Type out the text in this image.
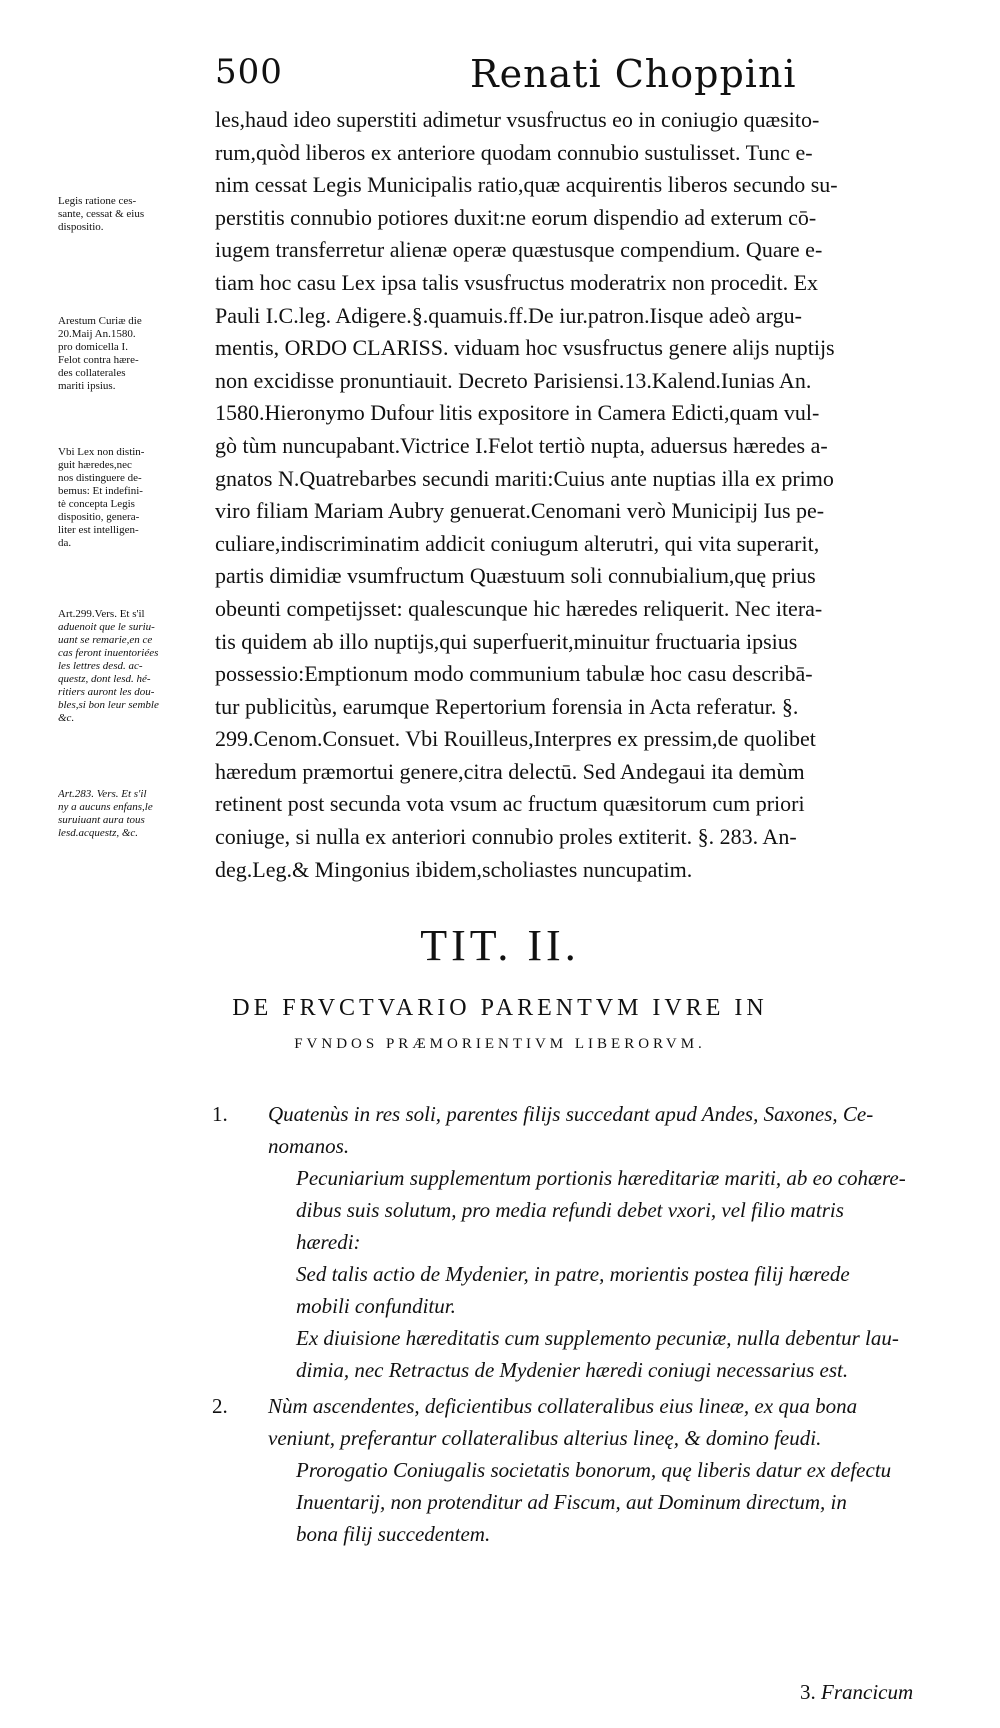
500	Renati Choppini
Legis ratione ces-
sante, cessat & eius
dispositio.
Arestum Curiæ die
20.Maij An.1580.
pro domicella I.
Felot contra hære-
des collaterales
mariti ipsius.
Vbi Lex non distin-
guit hæredes,nec
nos distinguere de-
bemus: Et indefini-
tè concepta Legis
dispositio, genera-
liter est intelligen-
da.
Art.299.Vers. Et s'il
aduenoit que le suriu-
uant se remarie,en ce
cas feront inuentoriées
les lettres desd. ac-
questz, dont lesd. hé-
ritiers auront les dou-
bles,si bon leur semble
&c.
Art.283. Vers. Et s'il
ny a aucuns enfans,le
suruiuant aura tous
lesd.acquestz, &c.
les,haud ideo superstiti adimetur vsusfructus eo in coniugio quæsito-
rum,quòd liberos ex anteriore quodam connubio sustulisset. Tunc e-
nim cessat Legis Municipalis ratio,quæ acquirentis liberos secundo su-
perstitis connubio potiores duxit:ne eorum dispendio ad exterum cō-
iugem transferretur alienæ operæ quæstusque compendium. Quare e-
tiam hoc casu Lex ipsa talis vsusfructus moderatrix non procedit. Ex
Pauli I.C.leg. Adigere.§.quamuis.ff.De iur.patron.Iisque adeò argu-
mentis, ORDO CLARISS. viduam hoc vsusfructus genere alijs nuptijs
non excidisse pronuntiauit. Decreto Parisiensi.13.Kalend.Iunias An.
1580.Hieronymo Dufour litis expositore in Camera Edicti,quam vul-
gò tùm nuncupabant.Victrice I.Felot tertiò nupta, aduersus hæredes a-
gnatos N.Quatrebarbes secundi mariti:Cuius ante nuptias illa ex primo
viro filiam Mariam Aubry genuerat.Cenomani verò Municipij Ius pe-
culiare,indiscriminatim addicit coniugum alterutri, qui vita superarit,
partis dimidiæ vsumfructum Quæstuum soli connubialium,quę prius
obeunti competijsset: qualescunque hic hæredes reliquerit. Nec itera-
tis quidem ab illo nuptijs,qui superfuerit,minuitur fructuaria ipsius
possessio:Emptionum modo communium tabulæ hoc casu describā-
tur publicitùs, earumque Repertorium forensia in Acta referatur. §.
299.Cenom.Consuet. Vbi Rouilleus,Interpres ex pressim,de quolibet
hæredum præmortui genere,citra delectū. Sed Andegaui ita demùm
retinent post secunda vota vsum ac fructum quæsitorum cum priori
coniuge, si nulla ex anteriori connubio proles extiterit. §. 283. An-
deg.Leg.& Mingonius ibidem,scholiastes nuncupatim.
TIT. II.
DE FRVCTVARIO PARENTVM IVRE IN
FVNDOS PRÆMORIENTIVM LIBERORVM.
1.	Quatenùs in res soli, parentes filijs succedant apud Andes, Saxones, Ce-
nomanos.
Pecuniarium supplementum portionis hæreditariæ mariti, ab eo cohære-
dibus suis solutum, pro media refundi debet vxori, vel filio matris
hæredi:
Sed talis actio de Mydenier, in patre, morientis postea filij hærede
mobili confunditur.
Ex diuisione hæreditatis cum supplemento pecuniæ, nulla debentur lau-
dimia, nec Retractus de Mydenier hæredi coniugi necessarius est.
2.	Nùm ascendentes, deficientibus collateralibus eius lineæ, ex qua bona
veniunt, preferantur collateralibus alterius lineę, & domino feudi.
Prorogatio Coniugalis societatis bonorum, quę liberis datur ex defectu
Inuentarij, non protenditur ad Fiscum, aut Dominum directum, in
bona filij succedentem.
3. Francicum
